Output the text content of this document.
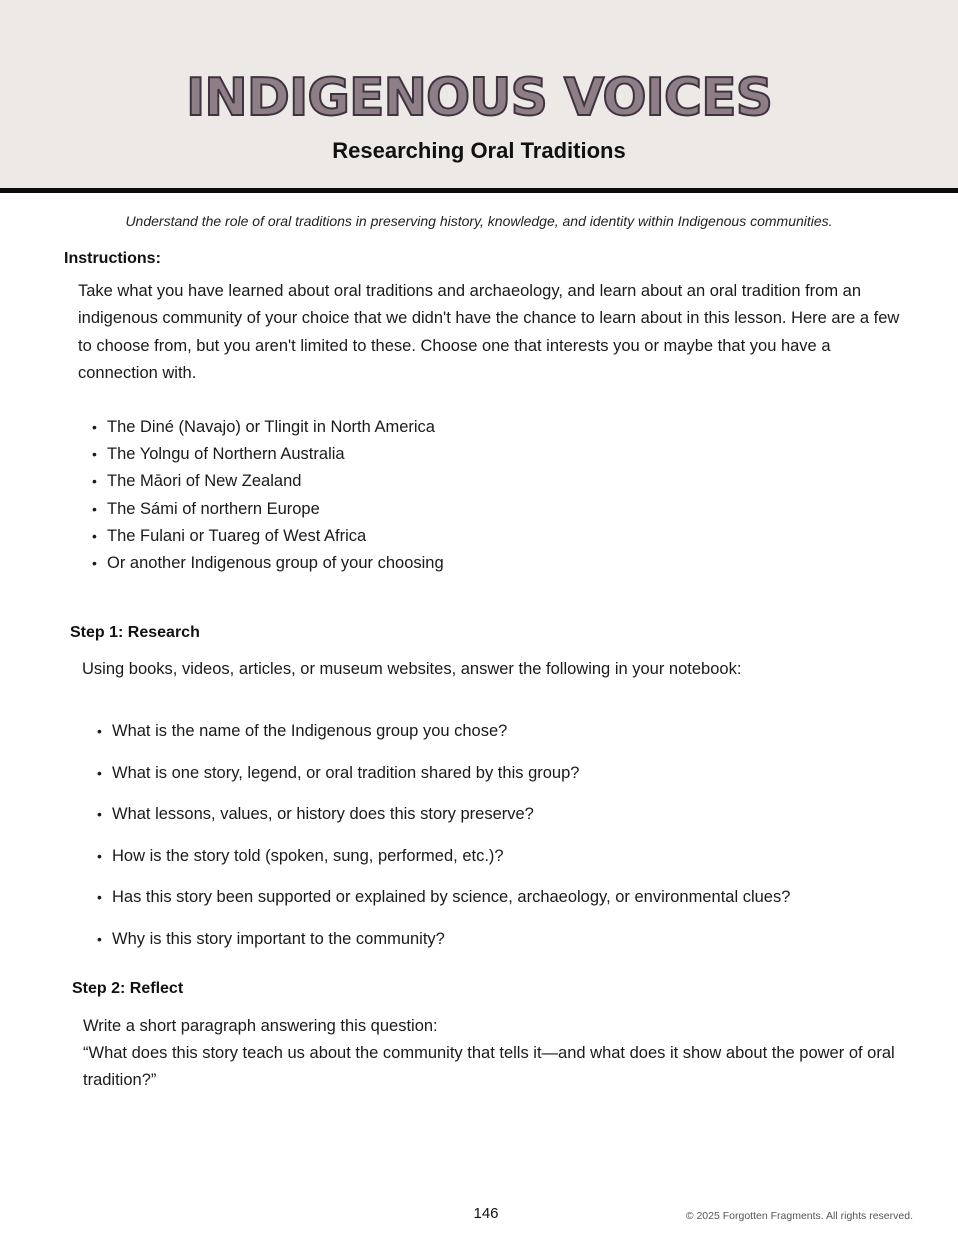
INDIGENOUS VOICES
Researching Oral Traditions
Understand the role of oral traditions in preserving history, knowledge, and identity within Indigenous communities.
Instructions:
Take what you have learned about oral traditions and archaeology, and learn about an oral tradition from an indigenous community of your choice that we didn't have the chance to learn about in this lesson. Here are a few to choose from, but you aren't limited to these. Choose one that interests you or maybe that you have a connection with.
• The Diné (Navajo) or Tlingit in North America
• The Yolngu of Northern Australia
• The Māori of New Zealand
• The Sámi of northern Europe
• The Fulani or Tuareg of West Africa
• Or another Indigenous group of your choosing
Step 1: Research
Using books, videos, articles, or museum websites, answer the following in your notebook:
• What is the name of the Indigenous group you chose?
• What is one story, legend, or oral tradition shared by this group?
• What lessons, values, or history does this story preserve?
• How is the story told (spoken, sung, performed, etc.)?
• Has this story been supported or explained by science, archaeology, or environmental clues?
• Why is this story important to the community?
Step 2: Reflect
Write a short paragraph answering this question:
“What does this story teach us about the community that tells it—and what does it show about the power of oral tradition?”
146	© 2025 Forgotten Fragments. All rights reserved.
